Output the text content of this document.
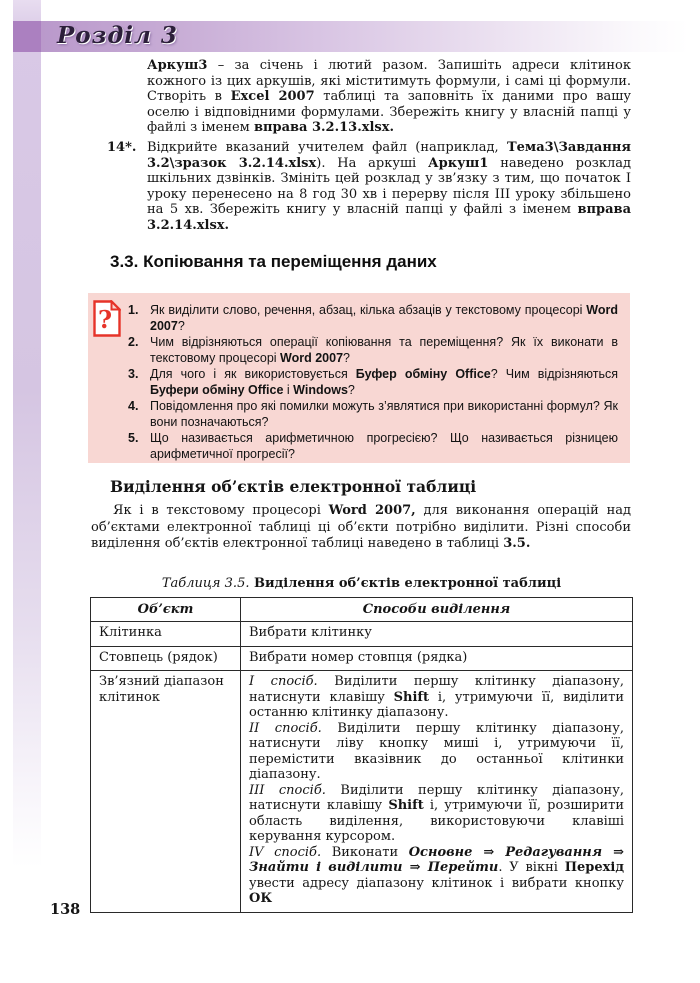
Розділ 3
Аркуш3 – за січень і лютий разом. Запишіть адреси клітинок кожного із цих аркушів, які міститимуть формули, і самі ці формули. Створіть в Excel 2007 таблиці та заповніть їх даними про вашу оселю і відповідними формулами. Збережіть книгу у власній папці у файлі з іменем вправа 3.2.13.xlsx.
14*. Відкрийте вказаний учителем файл (наприклад, Тема3\Завдання 3.2\зразок 3.2.14.xlsx). На аркуші Аркуш1 наведено розклад шкільних дзвінків. Змініть цей розклад у зв’язку з тим, що початок I уроку перенесено на 8 год 30 хв і перерву після III уроку збільшено на 5 хв. Збережіть книгу у власній папці у файлі з іменем вправа 3.2.14.xlsx.
3.3. Копіювання та переміщення даних
? 1. Як виділити слово, речення, абзац, кілька абзаців у текстовому процесорі Word 2007?
2. Чим відрізняються операції копіювання та переміщення? Як їх виконати в текстовому процесорі Word 2007?
3. Для чого і як використовується Буфер обміну Office? Чим відрізняються Буфери обміну Office і Windows?
4. Повідомлення про які помилки можуть з’являтися при використанні формул? Як вони позначаються?
5. Що називається арифметичною прогресією? Що називається різницею арифметичної прогресії?
Виділення об’єктів електронної таблиці
Як і в текстовому процесорі Word 2007, для виконання операцій над об’єктами електронної таблиці ці об’єкти потрібно виділити. Різні способи виділення об’єктів електронної таблиці наведено в таблиці 3.5.
Таблиця 3.5. Виділення об’єктів електронної таблиці
Об’єкт	Способи виділення
Клітинка	Вибрати клітинку

Стовпець (рядок)	Вибрати номер стовпця (рядка)

Зв’язний діапазон клітинок	I спосіб. Виділити першу клітинку діапазону, натиснути клавішу Shift і, утримуючи її, виділити останню клітинку діапазону.

II спосіб. Виділити першу клітинку діапазону, натиснути ліву кнопку миші і, утримуючи її, перемістити вказівник до останньої клітинки діапазону.

III спосіб. Виділити першу клітинку діапазону, натиснути клавішу Shift і, утримуючи її, розширити область виділення, використовуючи клавіші керування курсором.

IV спосіб. Виконати Основне ⇒ Редагування ⇒ Знайти і виділити ⇒ Перейти. У вікні Перехід увести адресу діапазону клітинок і вибрати кнопку ОК

138
